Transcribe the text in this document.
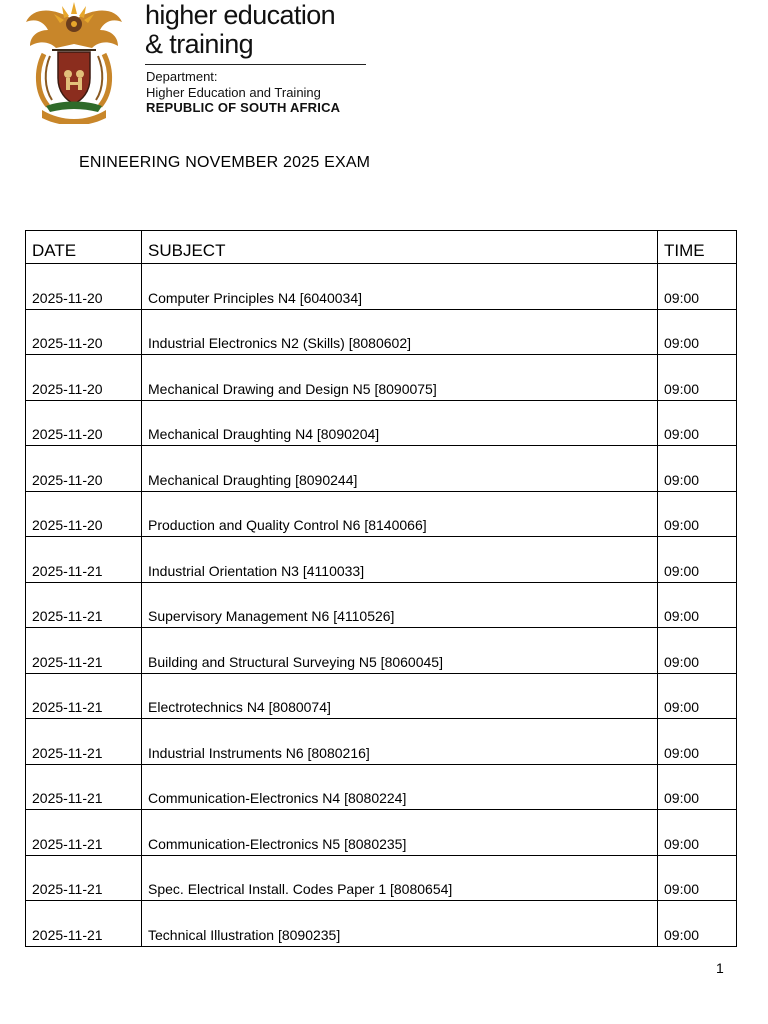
higher education
& training
Department:
Higher Education and Training
REPUBLIC OF SOUTH AFRICA
ENINEERING NOVEMBER 2025 EXAM
DATE	SUBJECT	TIME
2025-11-20	Computer Principles N4 [6040034]	09:00
2025-11-20	Industrial Electronics N2 (Skills) [8080602]	09:00
2025-11-20	Mechanical Drawing and Design N5 [8090075]	09:00
2025-11-20	Mechanical Draughting N4 [8090204]	09:00
2025-11-20	Mechanical Draughting [8090244]	09:00
2025-11-20	Production and Quality Control N6 [8140066]	09:00
2025-11-21	Industrial Orientation N3 [4110033]	09:00
2025-11-21	Supervisory Management N6 [4110526]	09:00
2025-11-21	Building and Structural Surveying N5 [8060045]	09:00
2025-11-21	Electrotechnics N4 [8080074]	09:00
2025-11-21	Industrial Instruments N6 [8080216]	09:00
2025-11-21	Communication-Electronics N4 [8080224]	09:00
2025-11-21	Communication-Electronics N5 [8080235]	09:00
2025-11-21	Spec. Electrical Install. Codes Paper 1 [8080654]	09:00
2025-11-21	Technical Illustration [8090235]	09:00
1
